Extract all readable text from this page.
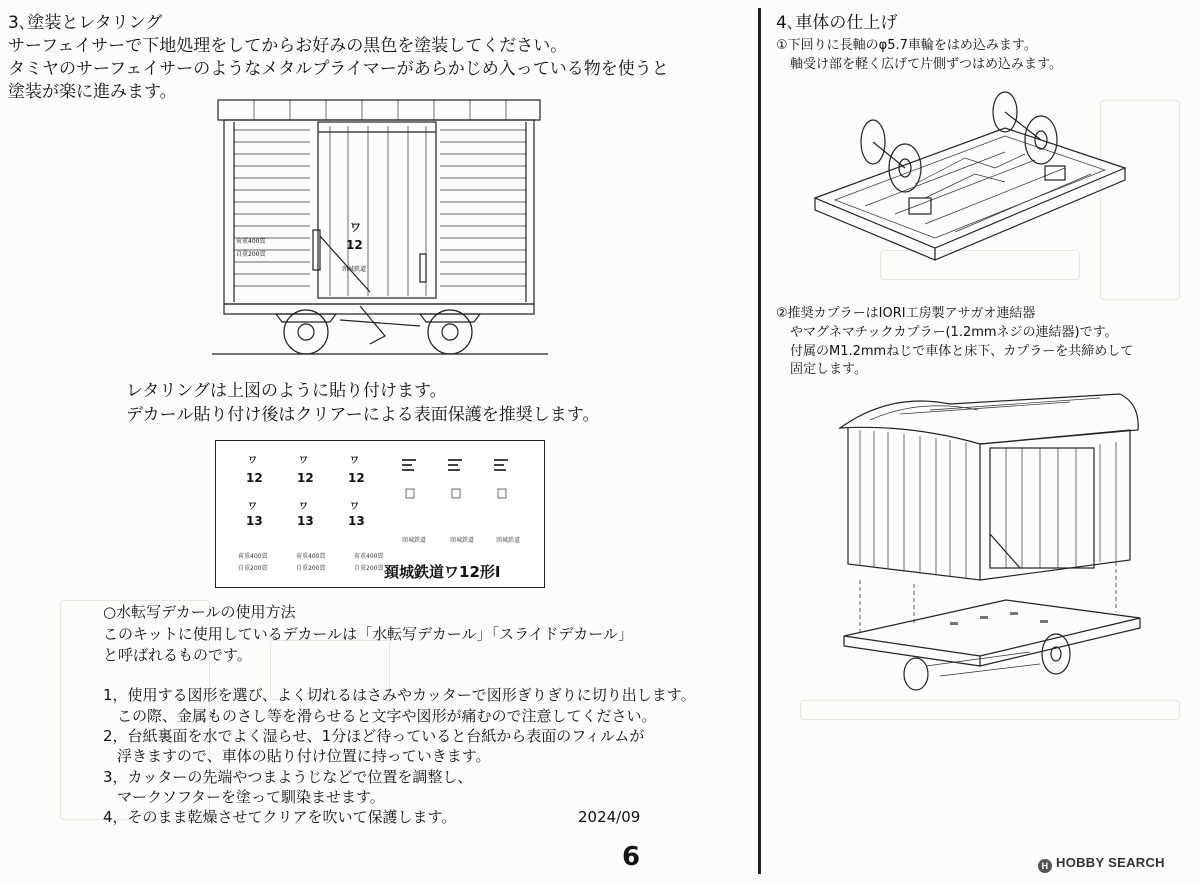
3､塗装とレタリング
サーフェイサーで下地処理をしてからお好みの黒色を塗装してください。
タミヤのサーフェイサーのようなメタルプライマーがあらかじめ入っている物を使うと
塗装が楽に進みます。
ワ
12
荷重400貫
自重200貫
頸城鉄道
レタリングは上図のように貼り付けます。
デカール貼り付け後はクリアーによる表面保護を推奨します。
ワ	ワ	ワ
12	12	12
ワ	ワ	ワ
13	13	13
荷重400貫	荷重400貫	荷重400貫
自重200貫	自重200貫	自重200貫
頸城鉄道	頸城鉄道	頸城鉄道
頚城鉄道ワ12形Ⅰ
○水転写デカールの使用方法
このキットに使用しているデカールは「水転写デカール」「スライドデカール」
と呼ばれるものです。
1，使用する図形を選び、よく切れるはさみやカッターで図形ぎりぎりに切り出します。
この際、金属ものさし等を滑らせると文字や図形が痛むので注意してください。
2，台紙裏面を水でよく湿らせ、1分ほど待っていると台紙から表面のフィルムが
浮きますので、車体の貼り付け位置に持っていきます。
3，カッターの先端やつまようじなどで位置を調整し、
マークソフターを塗って馴染ませます。
4，そのまま乾燥させてクリアを吹いて保護します。	2024/09
6
4､車体の仕上げ
①下回りに長軸のφ5.7車輪をはめ込みます。
軸受け部を軽く広げて片側ずつはめ込みます。
②推奨カプラーはIORI工房製アサガオ連結器
やマグネマチックカプラー(1.2mmネジの連結器)です。
付属のM1.2mmねじで車体と床下、カプラーを共締めして
固定します。
H HOBBY SEARCH
